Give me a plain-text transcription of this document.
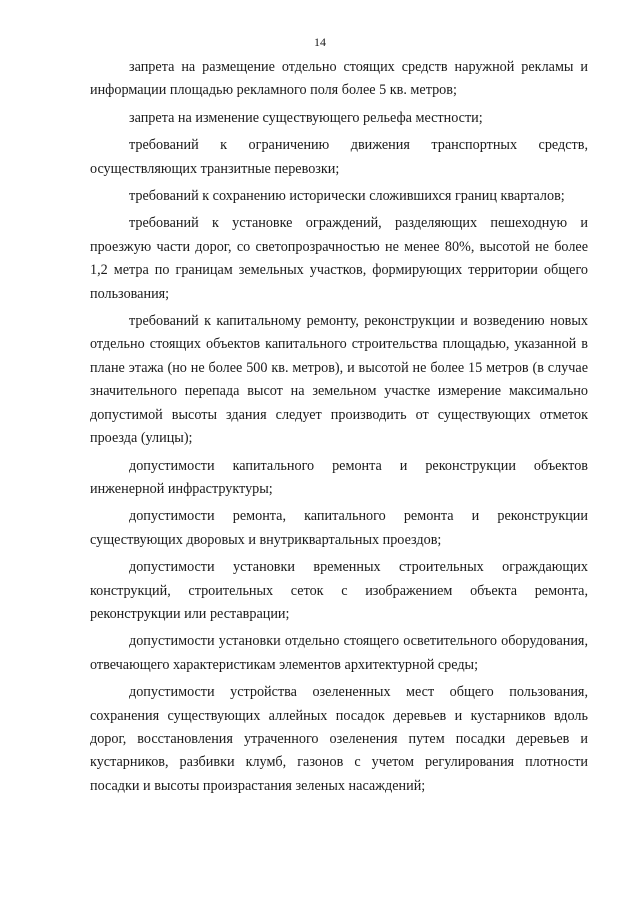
14

запрета на размещение отдельно стоящих средств наружной рекламы и информации площадью рекламного поля более 5 кв. метров;

запрета на изменение существующего рельефа местности;

требований к ограничению движения транспортных средств, осуществляющих транзитные перевозки;

требований к сохранению исторически сложившихся границ кварталов;

требований к установке ограждений, разделяющих пешеходную и проезжую части дорог, со светопрозрачностью не менее 80%, высотой не более 1,2 метра по границам земельных участков, формирующих территории общего пользования;

требований к капитальному ремонту, реконструкции и возведению новых отдельно стоящих объектов капитального строительства площадью, указанной в плане этажа (но не более 500 кв. метров), и высотой не более 15 метров (в случае значительного перепада высот на земельном участке измерение максимально допустимой высоты здания следует производить от существующих отметок проезда (улицы);

допустимости капитального ремонта и реконструкции объектов инженерной инфраструктуры;

допустимости ремонта, капитального ремонта и реконструкции существующих дворовых и внутриквартальных проездов;

допустимости установки временных строительных ограждающих конструкций, строительных сеток с изображением объекта ремонта, реконструкции или реставрации;

допустимости установки отдельно стоящего осветительного оборудования, отвечающего характеристикам элементов архитектурной среды;

допустимости устройства озелененных мест общего пользования, сохранения существующих аллейных посадок деревьев и кустарников вдоль дорог, восстановления утраченного озеленения путем посадки деревьев и кустарников, разбивки клумб, газонов с учетом регулирования плотности посадки и высоты произрастания зеленых насаждений;
